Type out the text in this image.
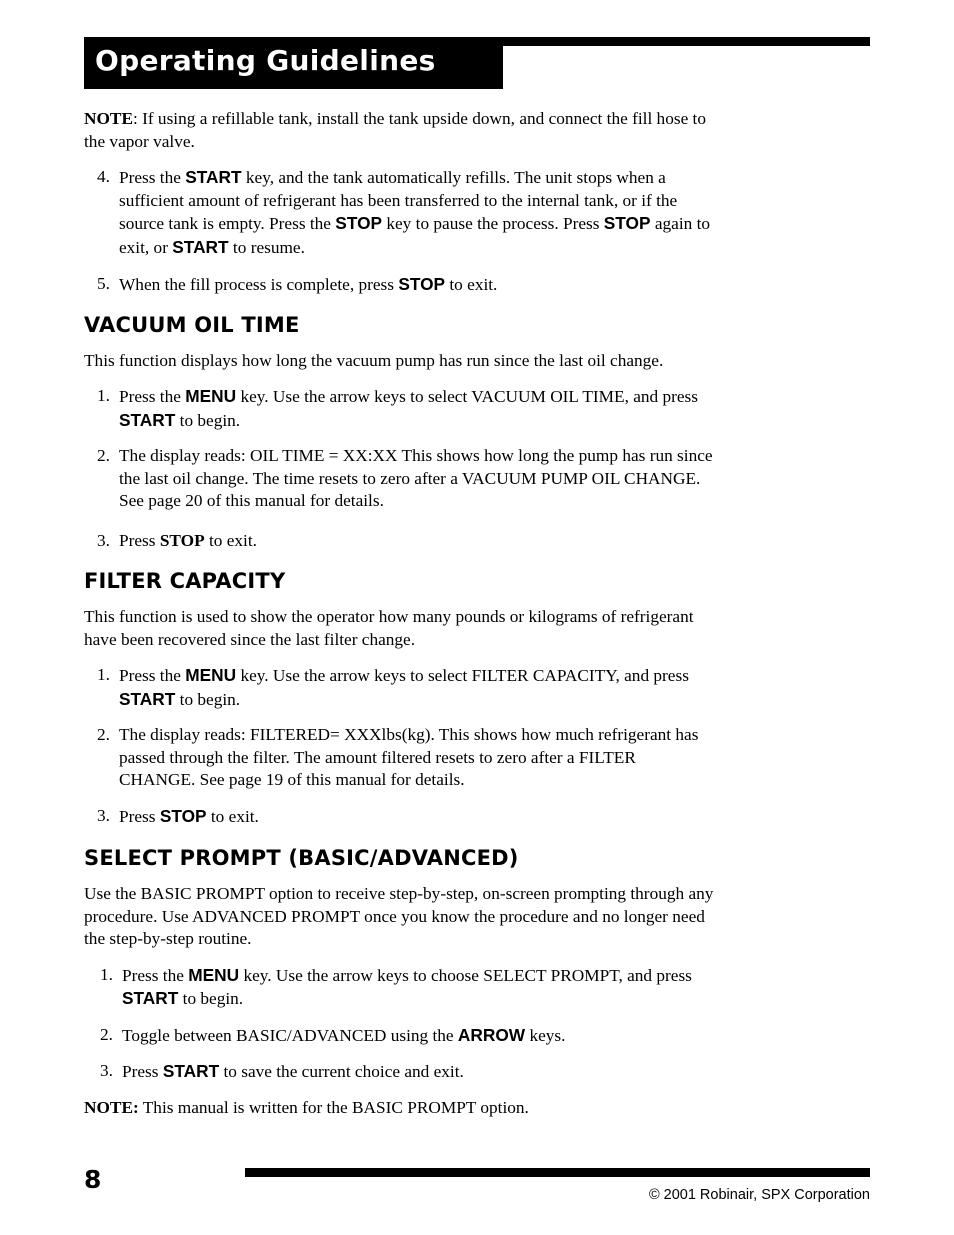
Operating Guidelines

NOTE: If using a refillable tank, install the tank upside down, and connect the fill hose to the vapor valve.

4. Press the START key, and the tank automatically refills. The unit stops when a sufficient amount of refrigerant has been transferred to the internal tank, or if the source tank is empty. Press the STOP key to pause the process. Press STOP again to exit, or START to resume.
5. When the fill process is complete, press STOP to exit.
VACUUM OIL TIME

This function displays how long the vacuum pump has run since the last oil change.

1. Press the MENU key. Use the arrow keys to select VACUUM OIL TIME, and press START to begin.
2. The display reads: OIL TIME = XX:XX This shows how long the pump has run since the last oil change. The time resets to zero after a VACUUM PUMP OIL CHANGE. See page 20 of this manual for details.
3. Press STOP to exit.
FILTER CAPACITY

This function is used to show the operator how many pounds or kilograms of refrigerant have been recovered since the last filter change.

1. Press the MENU key. Use the arrow keys to select FILTER CAPACITY, and press START to begin.
2. The display reads: FILTERED= XXXlbs(kg). This shows how much refrigerant has passed through the filter. The amount filtered resets to zero after a FILTER CHANGE. See page 19 of this manual for details.
3. Press STOP to exit.
SELECT PROMPT (BASIC/ADVANCED)

Use the BASIC PROMPT option to receive step-by-step, on-screen prompting through any procedure. Use ADVANCED PROMPT once you know the procedure and no longer need the step-by-step routine.

1. Press the MENU key. Use the arrow keys to choose SELECT PROMPT, and press START to begin.
2. Toggle between BASIC/ADVANCED using the ARROW keys.
3. Press START to save the current choice and exit.

NOTE: This manual is written for the BASIC PROMPT option.

8
© 2001 Robinair, SPX Corporation
